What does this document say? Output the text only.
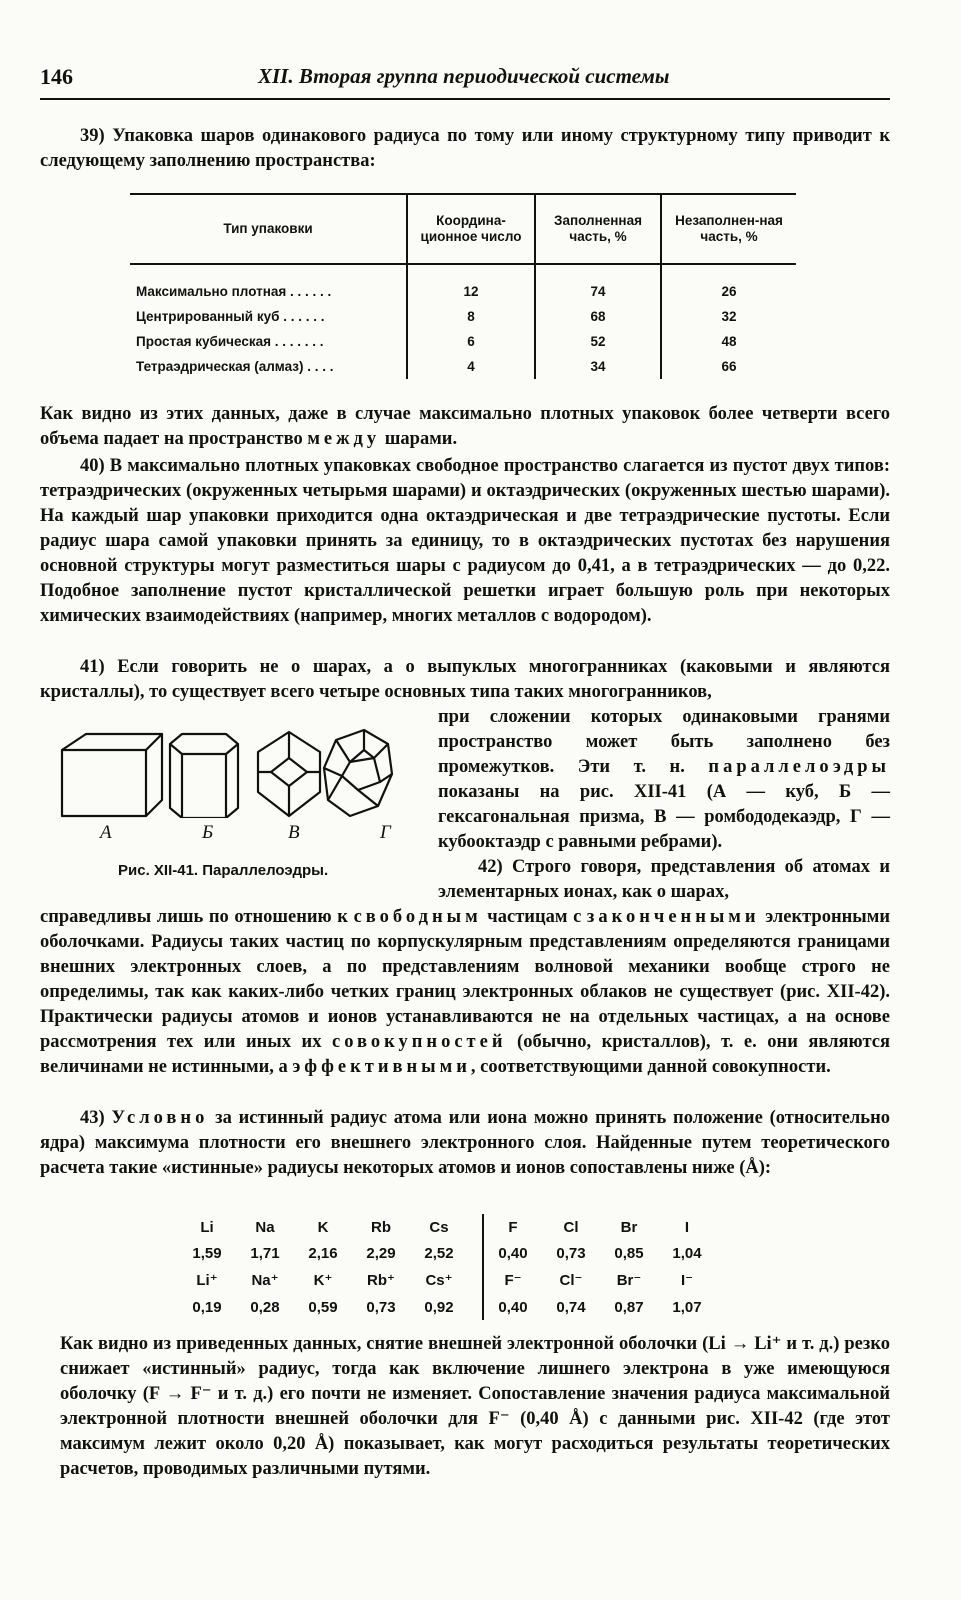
146	XII. Вторая группа периодической системы
39) Упаковка шаров одинакового радиуса по тому или иному структурному типу приводит к следующему заполнению пространства:
Тип упаковки	Координа-ционное число	Заполненная часть, %	Незаполнен-ная часть, %
Максимально плотная . . . . . .	12	74	26
Центрированный куб . . . . . .	8	68	32
Простая кубическая . . . . . . .	6	52	48
Тетраэдрическая (алмаз) . . . .	4	34	66
Как видно из этих данных, даже в случае максимально плотных упаковок более четверти всего объема падает на пространство между шарами.
40) В максимально плотных упаковках свободное пространство слагается из пустот двух типов: тетраэдрических (окруженных четырьмя шарами) и октаэдрических (окруженных шестью шарами). На каждый шар упаковки приходится одна октаэдрическая и две тетраэдрические пустоты. Если радиус шара самой упаковки принять за единицу, то в октаэдрических пустотах без нарушения основной структуры могут разместиться шары с радиусом до 0,41, а в тетраэдрических — до 0,22. Подобное заполнение пустот кристаллической решетки играет большую роль при некоторых химических взаимодействиях (например, многих металлов с водородом).
41) Если говорить не о шарах, а о выпуклых многогранниках (каковыми и являются кристаллы), то существует всего четыре основных типа таких многогранников,
при сложении которых одинаковыми гранями пространство может быть заполнено без промежутков. Эти т. н. параллелоэдры показаны на рис. XII-41 (А — куб, Б — гексагональная призма, В — ромбододекаэдр, Г — кубооктаэдр с равными ребрами).
А	Б	В	Г
Рис. XII-41. Параллелоэдры.	42) Строго говоря, представления об атомах и элементарных ионах, как о шарах,
справедливы лишь по отношению к свободным частицам с законченными электронными оболочками. Радиусы таких частиц по корпускулярным представлениям определяются границами внешних электронных слоев, а по представлениям волновой механики вообще строго не определимы, так как каких-либо четких границ электронных облаков не существует (рис. XII-42). Практически радиусы атомов и ионов устанавливаются не на отдельных частицах, а на основе рассмотрения тех или иных их совокупностей (обычно, кристаллов), т. е. они являются величинами не истинными, а эффективными, соответствующими данной совокупности.
43) Условно за истинный радиус атома или иона можно принять положение (относительно ядра) максимума плотности его внешнего электронного слоя. Найденные путем теоретического расчета такие «истинные» радиусы некоторых атомов и ионов сопоставлены ниже (Å):
Li	Na	K	Rb	Cs		F	Cl	Br	I
1,59	1,71	2,16	2,29	2,52		0,40	0,73	0,85	1,04
Li⁺	Na⁺	K⁺	Rb⁺	Cs⁺		F⁻	Cl⁻	Br⁻	I⁻
0,19	0,28	0,59	0,73	0,92		0,40	0,74	0,87	1,07
Как видно из приведенных данных, снятие внешней электронной оболочки (Li → Li⁺ и т. д.) резко снижает «истинный» радиус, тогда как включение лишнего электрона в уже имеющуюся оболочку (F → F⁻ и т. д.) его почти не изменяет. Сопоставление значения радиуса максимальной электронной плотности внешней оболочки для F⁻ (0,40 Å) с данными рис. XII-42 (где этот максимум лежит около 0,20 Å) показывает, как могут расходиться результаты теоретических расчетов, проводимых различными путями.
